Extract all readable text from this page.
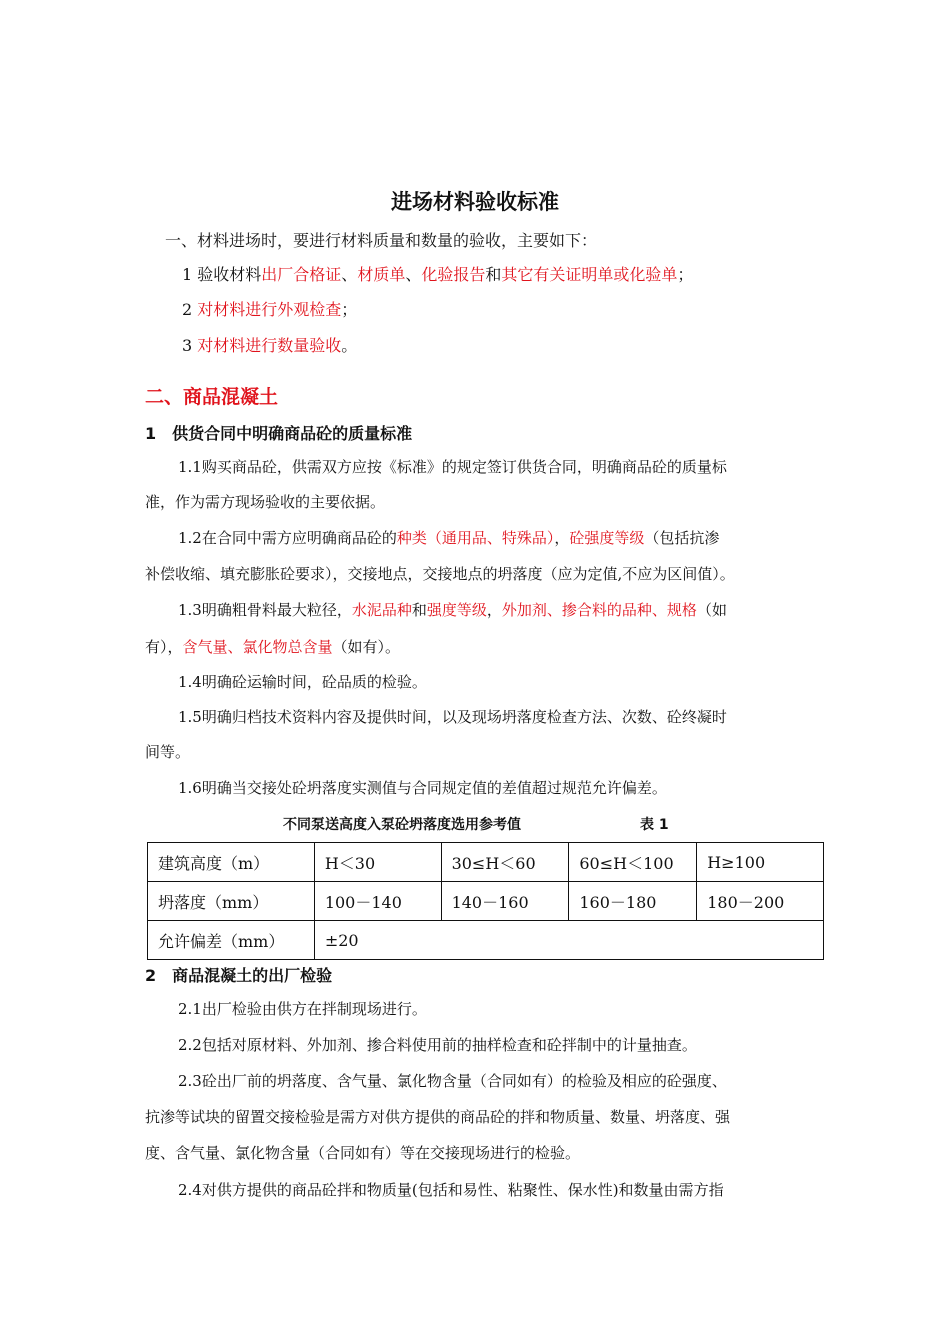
进场材料验收标准
一、材料进场时，要进行材料质量和数量的验收，主要如下：
1 验收材料出厂合格证、材质单、化验报告和其它有关证明单或化验单；
2 对材料进行外观检查；
3 对材料进行数量验收。
二、商品混凝土
1　供货合同中明确商品砼的质量标准
1.1购买商品砼，供需双方应按《标准》的规定签订供货合同，明确商品砼的质量标
准，作为需方现场验收的主要依据。
1.2在合同中需方应明确商品砼的种类（通用品、特殊品），砼强度等级（包括抗渗
补偿收缩、填充膨胀砼要求），交接地点，交接地点的坍落度（应为定值,不应为区间值）。
1.3明确粗骨料最大粒径，水泥品种和强度等级，外加剂、掺合料的品种、规格（如
有），含气量、氯化物总含量（如有）。
1.4明确砼运输时间，砼品质的检验。
1.5明确归档技术资料内容及提供时间，以及现场坍落度检查方法、次数、砼终凝时
间等。
1.6明确当交接处砼坍落度实测值与合同规定值的差值超过规范允许偏差。
不同泵送高度入泵砼坍落度选用参考值	表 1
建筑高度（m）	H＜30	30≤H＜60	60≤H＜100	H≥100
坍落度（mm）	100－140	140－160	160－180	180－200
允许偏差（mm）	±20			
2　商品混凝土的出厂检验
2.1出厂检验由供方在拌制现场进行。
2.2包括对原材料、外加剂、掺合料使用前的抽样检查和砼拌制中的计量抽查。
2.3砼出厂前的坍落度、含气量、氯化物含量（合同如有）的检验及相应的砼强度、
抗渗等试块的留置交接检验是需方对供方提供的商品砼的拌和物质量、数量、坍落度、强
度、含气量、氯化物含量（合同如有）等在交接现场进行的检验。
2.4对供方提供的商品砼拌和物质量(包括和易性、粘聚性、保水性)和数量由需方指
